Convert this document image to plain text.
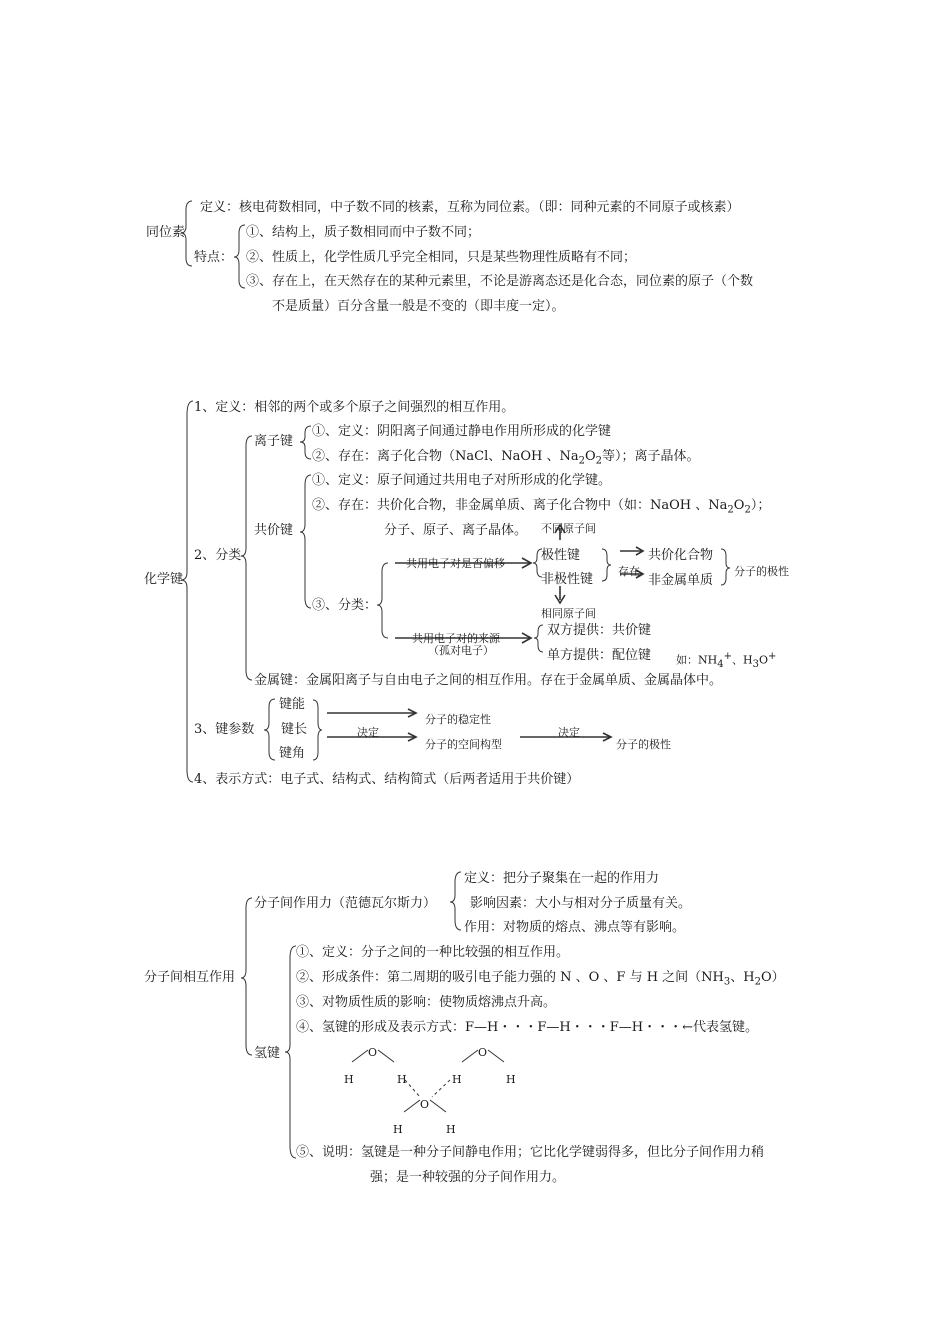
同位素
定义：核电荷数相同，中子数不同的核素，互称为同位素。（即：同种元素的不同原子或核素）
特点：
①、结构上，质子数相同而中子数不同；
②、性质上，化学性质几乎完全相同，只是某些物理性质略有不同；
③、存在上，在天然存在的某种元素里，不论是游离态还是化合态，同位素的原子（个数
不是质量）百分含量一般是不变的（即丰度一定）。
化学键
1、定义：相邻的两个或多个原子之间强烈的相互作用。
2、分类
离子键
①、定义：阴阳离子间通过静电作用所形成的化学键
②、存在：离子化合物（NaCl、NaOH 、$Na_2O_2$等）；离子晶体。
共价键
①、定义：原子间通过共用电子对所形成的化学键。
②、存在：共价化合物，非金属单质、离子化合物中（如：NaOH 、$Na_2O_2$）；
分子、原子、离子晶体。
③、分类：
共用电子对是否偏移
不同原子间
极性键
非极性键
存在
共价化合物
非金属单质
分子的极性
相同原子间
共用电子对的来源
（孤对电子）
双方提供：共价键
单方提供：配位键 如：$NH_4^+$、$H_3O^+$
金属键：金属阳离子与自由电子之间的相互作用。存在于金属单质、金属晶体中。
3、键参数
键能
键长
键角
决定
分子的稳定性
分子的空间构型
决定
分子的极性
4、表示方式：电子式、结构式、结构简式（后两者适用于共价键）
分子间相互作用
分子间作用力（范德瓦尔斯力）
定义：把分子聚集在一起的作用力
影响因素：大小与相对分子质量有关。
作用：对物质的熔点、沸点等有影响。
氢键
①、定义：分子之间的一种比较强的相互作用。
②、形成条件：第二周期的吸引电子能力强的 N 、O 、F 与 H 之间（$NH_3$、$H_2O$）
③、对物质性质的影响：使物质熔沸点升高。
④、氢键的形成及表示方式：F—H・・・F—H・・・F—H・・・←代表氢键。
O
H	H
O
H	H
O
H	H
⑤、说明：氢键是一种分子间静电作用；它比化学键弱得多，但比分子间作用力稍
强；是一种较强的分子间作用力。
